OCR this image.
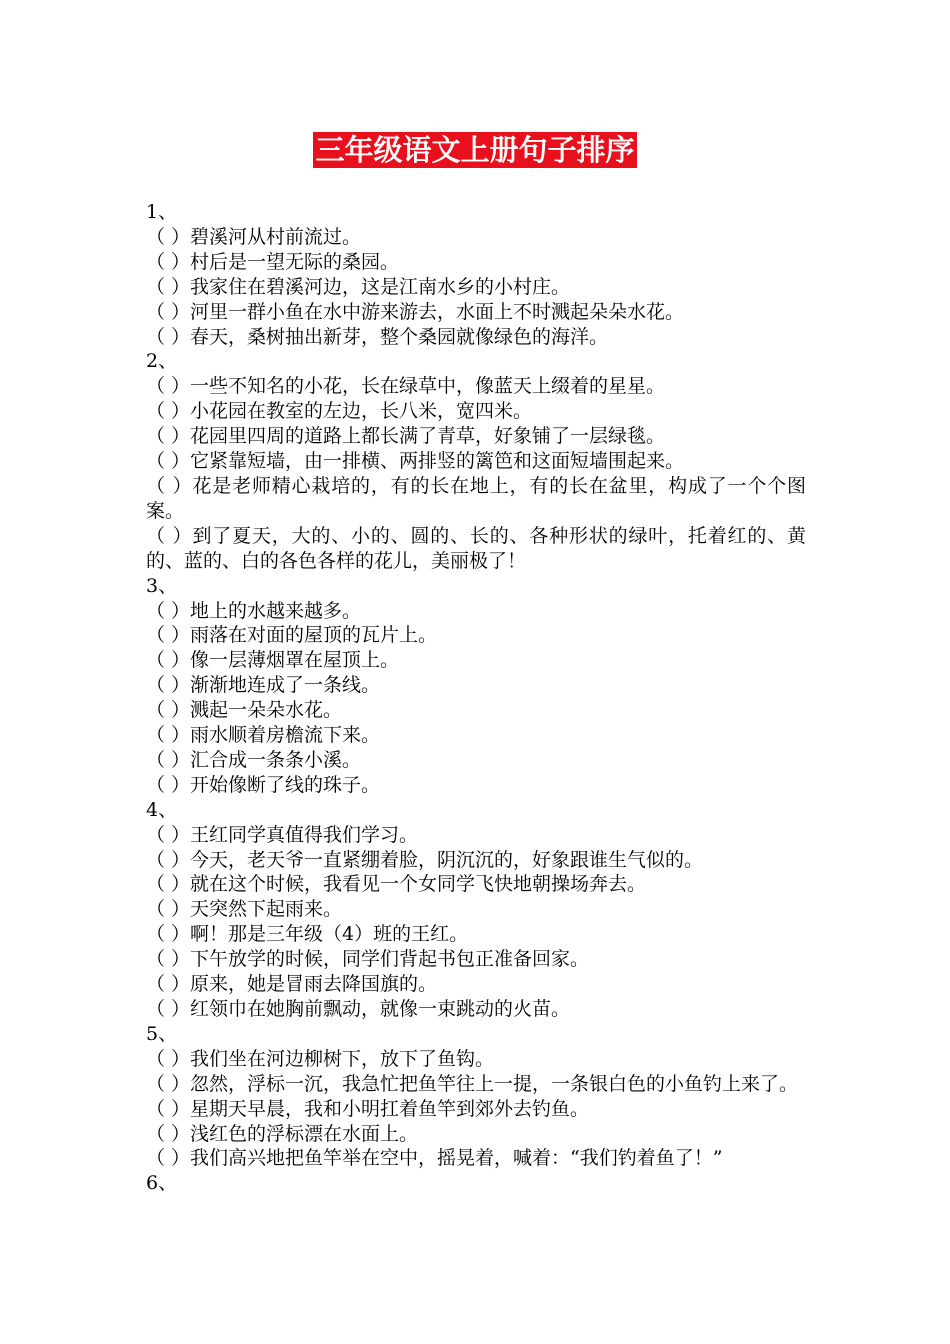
三年级语文上册句子排序
1、
（ ）碧溪河从村前流过。
（ ）村后是一望无际的桑园。
（ ）我家住在碧溪河边，这是江南水乡的小村庄。
（ ）河里一群小鱼在水中游来游去，水面上不时溅起朵朵水花。
（ ）春天，桑树抽出新芽，整个桑园就像绿色的海洋。
2、
（ ）一些不知名的小花，长在绿草中，像蓝天上缀着的星星。
（ ）小花园在教室的左边，长八米，宽四米。
（ ）花园里四周的道路上都长满了青草，好象铺了一层绿毯。
（ ）它紧靠短墙，由一排横、两排竖的篱笆和这面短墙围起来。
（ ）花是老师精心栽培的，有的长在地上，有的长在盆里，构成了一个个图案。
（ ）到了夏天，大的、小的、圆的、长的、各种形状的绿叶，托着红的、黄的、蓝的、白的各色各样的花儿，美丽极了！
3、
（ ）地上的水越来越多。
（ ）雨落在对面的屋顶的瓦片上。
（ ）像一层薄烟罩在屋顶上。
（ ）渐渐地连成了一条线。
（ ）溅起一朵朵水花。
（ ）雨水顺着房檐流下来。
（ ）汇合成一条条小溪。
（ ）开始像断了线的珠子。
4、
（ ）王红同学真值得我们学习。
（ ）今天，老天爷一直紧绷着脸，阴沉沉的，好象跟谁生气似的。
（ ）就在这个时候，我看见一个女同学飞快地朝操场奔去。
（ ）天突然下起雨来。
（ ）啊！那是三年级（4）班的王红。
（ ）下午放学的时候，同学们背起书包正准备回家。
（ ）原来，她是冒雨去降国旗的。
（ ）红领巾在她胸前飘动，就像一束跳动的火苗。
5、
（ ）我们坐在河边柳树下，放下了鱼钩。
（ ）忽然，浮标一沉，我急忙把鱼竿往上一提，一条银白色的小鱼钓上来了。
（ ）星期天早晨，我和小明扛着鱼竿到郊外去钓鱼。
（ ）浅红色的浮标漂在水面上。
（ ）我们高兴地把鱼竿举在空中，摇晃着，喊着：“我们钓着鱼了！”
6、
